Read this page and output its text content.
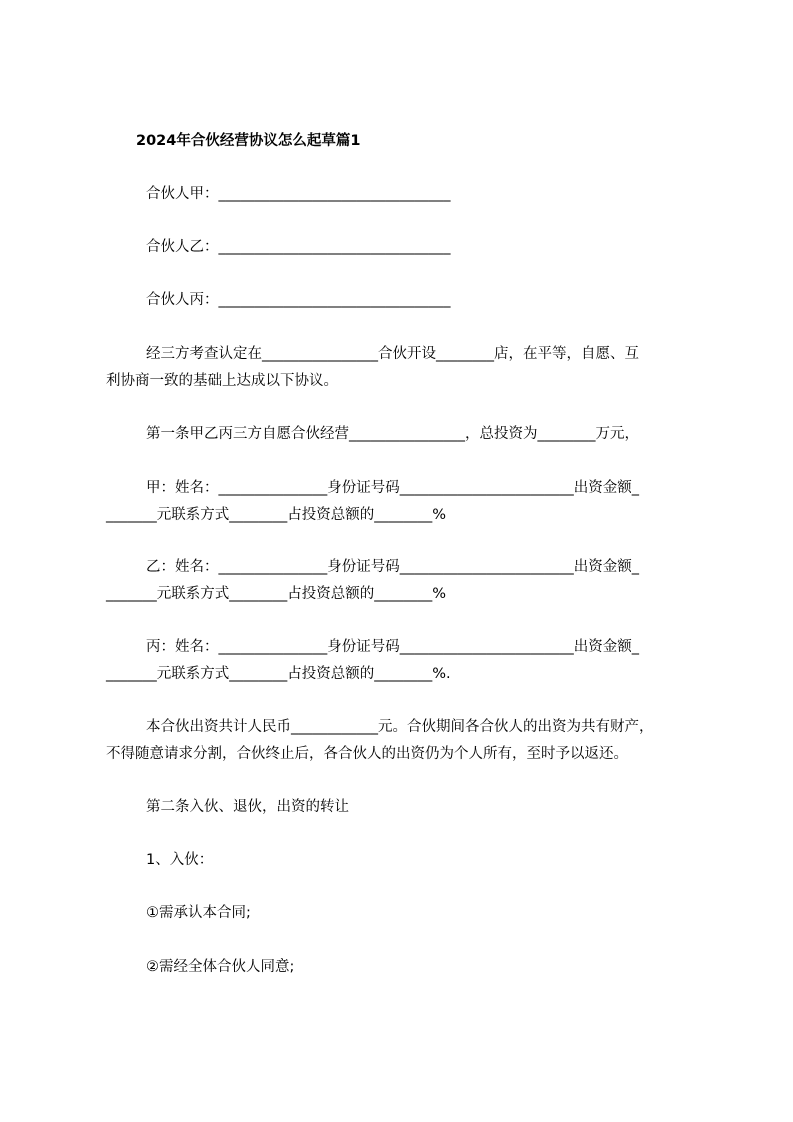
2024年合伙经营协议怎么起草篇1
合伙人甲：________________________________
合伙人乙：________________________________
合伙人丙：________________________________
经三方考查认定在________________合伙开设________店，在平等，自愿、互
利协商一致的基础上达成以下协议。
第一条甲乙丙三方自愿合伙经营________________，总投资为________万元，
甲：姓名：_______________身份证号码________________________出资金额_
_______元联系方式________占投资总额的________%
乙：姓名：_______________身份证号码________________________出资金额_
_______元联系方式________占投资总额的________%
丙：姓名：_______________身份证号码________________________出资金额_
_______元联系方式________占投资总额的________%.
本合伙出资共计人民币____________元。合伙期间各合伙人的出资为共有财产，
不得随意请求分割，合伙终止后，各合伙人的出资仍为个人所有，至时予以返还。
第二条入伙、退伙，出资的转让
1、入伙：
①需承认本合同;
②需经全体合伙人同意;
